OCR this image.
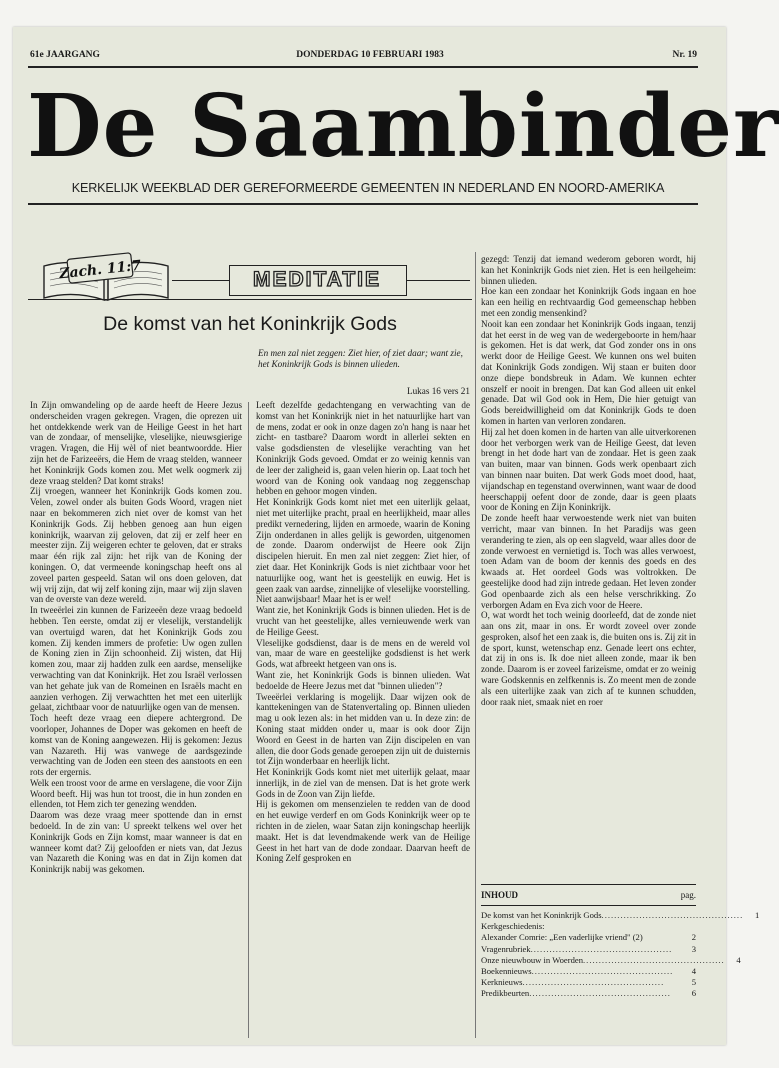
61e JAARGANG	DONDERDAG 10 FEBRUARI 1983	Nr. 19
De Saambinder
KERKELIJK WEEKBLAD DER GEREFORMEERDE GEMEENTEN IN NEDERLAND EN NOORD-AMERIKA
Zach. 11:7	MEDITATIE
De komst van het Koninkrijk Gods
En men zal niet zeggen: Ziet hier, of ziet daar; want zie, het Koninkrijk Gods is binnen ulieden.
Lukas 16 vers 21

In Zijn omwandeling op de aarde heeft de Heere Jezus onderscheiden vragen gekregen. Vragen, die oprezen uit het ontdekkende werk van de Heilige Geest in het hart van de zondaar, of menselijke, vleselijke, nieuwsgierige vragen. Vragen, die Hij wèl of niet beantwoordde. Hier zijn het de Farizeeërs, die Hem de vraag stelden, wanneer het Koninkrijk Gods komen zou. Met welk oogmerk zij deze vraag stelden? Dat komt straks!

Zij vroegen, wanneer het Koninkrijk Gods komen zou. Velen, zowel onder als buiten Gods Woord, vragen niet naar en bekommeren zich niet over de komst van het Koninkrijk Gods. Zij hebben genoeg aan hun eigen koninkrijk, waarvan zij geloven, dat zij er zelf heer en meester zijn. Zij weigeren echter te geloven, dat er straks maar één rijk zal zijn: het rijk van de Koning der koningen. O, dat vermeende koningschap heeft ons al zoveel parten gespeeld. Satan wil ons doen geloven, dat wij vrij zijn, dat wij zelf koning zijn, maar wij zijn slaven van de overste van deze wereld.

In tweeërlei zin kunnen de Farizeeën deze vraag bedoeld hebben. Ten eerste, omdat zij er vleselijk, verstandelijk van overtuigd waren, dat het Koninkrijk Gods zou komen. Zij kenden immers de profetie: Uw ogen zullen de Koning zien in Zijn schoonheid. Zij wisten, dat Hij komen zou, maar zij hadden zulk een aardse, menselijke verwachting van dat Koninkrijk. Het zou Israël verlossen van het gehate juk van de Romeinen en Israëls macht en aanzien verhogen. Zij verwachtten het met een uiterlijk gelaat, zichtbaar voor de natuurlijke ogen van de mensen.

Toch heeft deze vraag een diepere achtergrond. De voorloper, Johannes de Doper was gekomen en heeft de komst van de Koning aangewezen. Hij is gekomen: Jezus van Nazareth. Hij was vanwege de aardsgezinde verwachting van de Joden een steen des aanstoots en een rots der ergernis.

Welk een troost voor de arme en verslagene, die voor Zijn Woord beeft. Hij was hun tot troost, die in hun zonden en ellenden, tot Hem zich ter genezing wendden.

Daarom was deze vraag meer spottende dan in ernst bedoeld. In de zin van: U spreekt telkens wel over het Koninkrijk Gods en Zijn komst, maar wanneer is dat en wanneer komt dat? Zij geloofden er niets van, dat Jezus van Nazareth die Koning was en dat in Zijn komen dat Koninkrijk nabij was gekomen.

Leeft dezelfde gedachtengang en verwachting van de komst van het Koninkrijk niet in het natuurlijke hart van de mens, zodat er ook in onze dagen zo'n hang is naar het zicht- en tastbare? Daarom wordt in allerlei sekten en valse godsdiensten de vleselijke verachting van het Koninkrijk Gods gevoed. Omdat er zo weinig kennis van de leer der zaligheid is, gaan velen hierin op. Laat toch het woord van de Koning ook vandaag nog zeggenschap hebben en gehoor mogen vinden.

Het Koninkrijk Gods komt niet met een uiterlijk gelaat, niet met uiterlijke pracht, praal en heerlijkheid, maar alles predikt vernedering, lijden en armoede, waarin de Koning Zijn onderdanen in alles gelijk is geworden, uitgenomen de zonde. Daarom onderwijst de Heere ook Zijn discipelen hieruit. En men zal niet zeggen: Ziet hier, of ziet daar. Het Koninkrijk Gods is niet zichtbaar voor het natuurlijke oog, want het is geestelijk en euwig. Het is geen zaak van aardse, zinnelijke of vleselijke voorstelling. Niet aanwijsbaar! Maar het is er wel!

Want zie, het Koninkrijk Gods is binnen ulieden. Het is de vrucht van het geestelijke, alles vernieuwende werk van de Heilige Geest.

Vleselijke godsdienst, daar is de mens en de wereld vol van, maar de ware en geestelijke godsdienst is het werk Gods, wat afbreekt hetgeen van ons is.

Want zie, het Koninkrijk Gods is binnen ulieden. Wat bedoelde de Heere Jezus met dat "binnen ulieden"?

Tweeërlei verklaring is mogelijk. Daar wijzen ook de kanttekeningen van de Statenvertaling op. Binnen ulieden mag u ook lezen als: in het midden van u. In deze zin: de Koning staat midden onder u, maar is ook door Zijn Woord en Geest in de harten van Zijn discipelen en van allen, die door Gods genade geroepen zijn uit de duisternis tot Zijn wonderbaar en heerlijk licht.

Het Koninkrijk Gods komt niet met uiterlijk gelaat, maar innerlijk, in de ziel van de mensen. Dat is het grote werk Gods in de Zoon van Zijn liefde.

Hij is gekomen om mensenzielen te redden van de dood en het euwige verderf en om Gods Koninkrijk weer op te richten in de zielen, waar Satan zijn koningschap heerlijk maakt. Het is dat levendmakende werk van de Heilige Geest in het hart van de dode zondaar. Daarvan heeft de Koning Zelf gesproken en

gezegd: Tenzij dat iemand wederom geboren wordt, hij kan het Koninkrijk Gods niet zien. Het is een heilgeheim: binnen ulieden.

Hoe kan een zondaar het Koninkrijk Gods ingaan en hoe kan een heilig en rechtvaardig God gemeenschap hebben met een zondig mensenkind?

Nooit kan een zondaar het Koninkrijk Gods ingaan, tenzij dat het eerst in de weg van de wedergeboorte in hem/haar is gekomen. Het is dat werk, dat God zonder ons in ons werkt door de Heilige Geest. We kunnen ons wel buiten dat Koninkrijk Gods zondigen. Wij staan er buiten door onze diepe bondsbreuk in Adam. We kunnen echter onszelf er nooit in brengen. Dat kan God alleen uit enkel genade. Dat wil God ook in Hem, Die hier getuigt van Gods bereidwilligheid om dat Koninkrijk Gods te doen komen in harten van verloren zondaren.

Hij zal het doen komen in de harten van alle uitverkorenen door het verborgen werk van de Heilige Geest, dat leven brengt in het dode hart van de zondaar. Het is geen zaak van buiten, maar van binnen. Gods werk openbaart zich van binnen naar buiten. Dat werk Gods moet dood, haat, vijandschap en tegenstand overwinnen, want waar de dood heerschappij oefent door de zonde, daar is geen plaats voor de Koning en Zijn Koninkrijk.

De zonde heeft haar verwoestende werk niet van buiten verricht, maar van binnen. In het Paradijs was geen verandering te zien, als op een slagveld, waar alles door de zonde verwoest en vernietigd is. Toch was alles verwoest, toen Adam van de boom der kennis des goeds en des kwaads at. Het oordeel Gods was voltrokken. De geestelijke dood had zijn intrede gedaan. Het leven zonder God openbaarde zich als een helse verschrikking. Zo verborgen Adam en Eva zich voor de Heere.

O, wat wordt het toch weinig doorleefd, dat de zonde niet aan ons zit, maar in ons. Er wordt zoveel over zonde gesproken, alsof het een zaak is, die buiten ons is. Zij zit in de sport, kunst, wetenschap enz. Genade leert ons echter, dat zij in ons is. Ik doe niet alleen zonde, maar ik ben zonde. Daarom is er zoveel farizeïsme, omdat er zo weinig ware Godskennis en zelfkennis is. Zo meent men de zonde als een uiterlijke zaak van zich af te kunnen schudden, door raak niet, smaak niet en roer

INHOUD	pag.
De komst van het Koninkrijk Gods .............................................	1
Kerkgeschiedenis:
Alexander Comrie: „Een vaderlijke vriend" (2)	2
Vragenrubriek .............................................	3
Onze nieuwbouw in Woerden .............................................	4
Boekennieuws .............................................	4
Kerknieuws .............................................	5
Predikbeurten .............................................	6
